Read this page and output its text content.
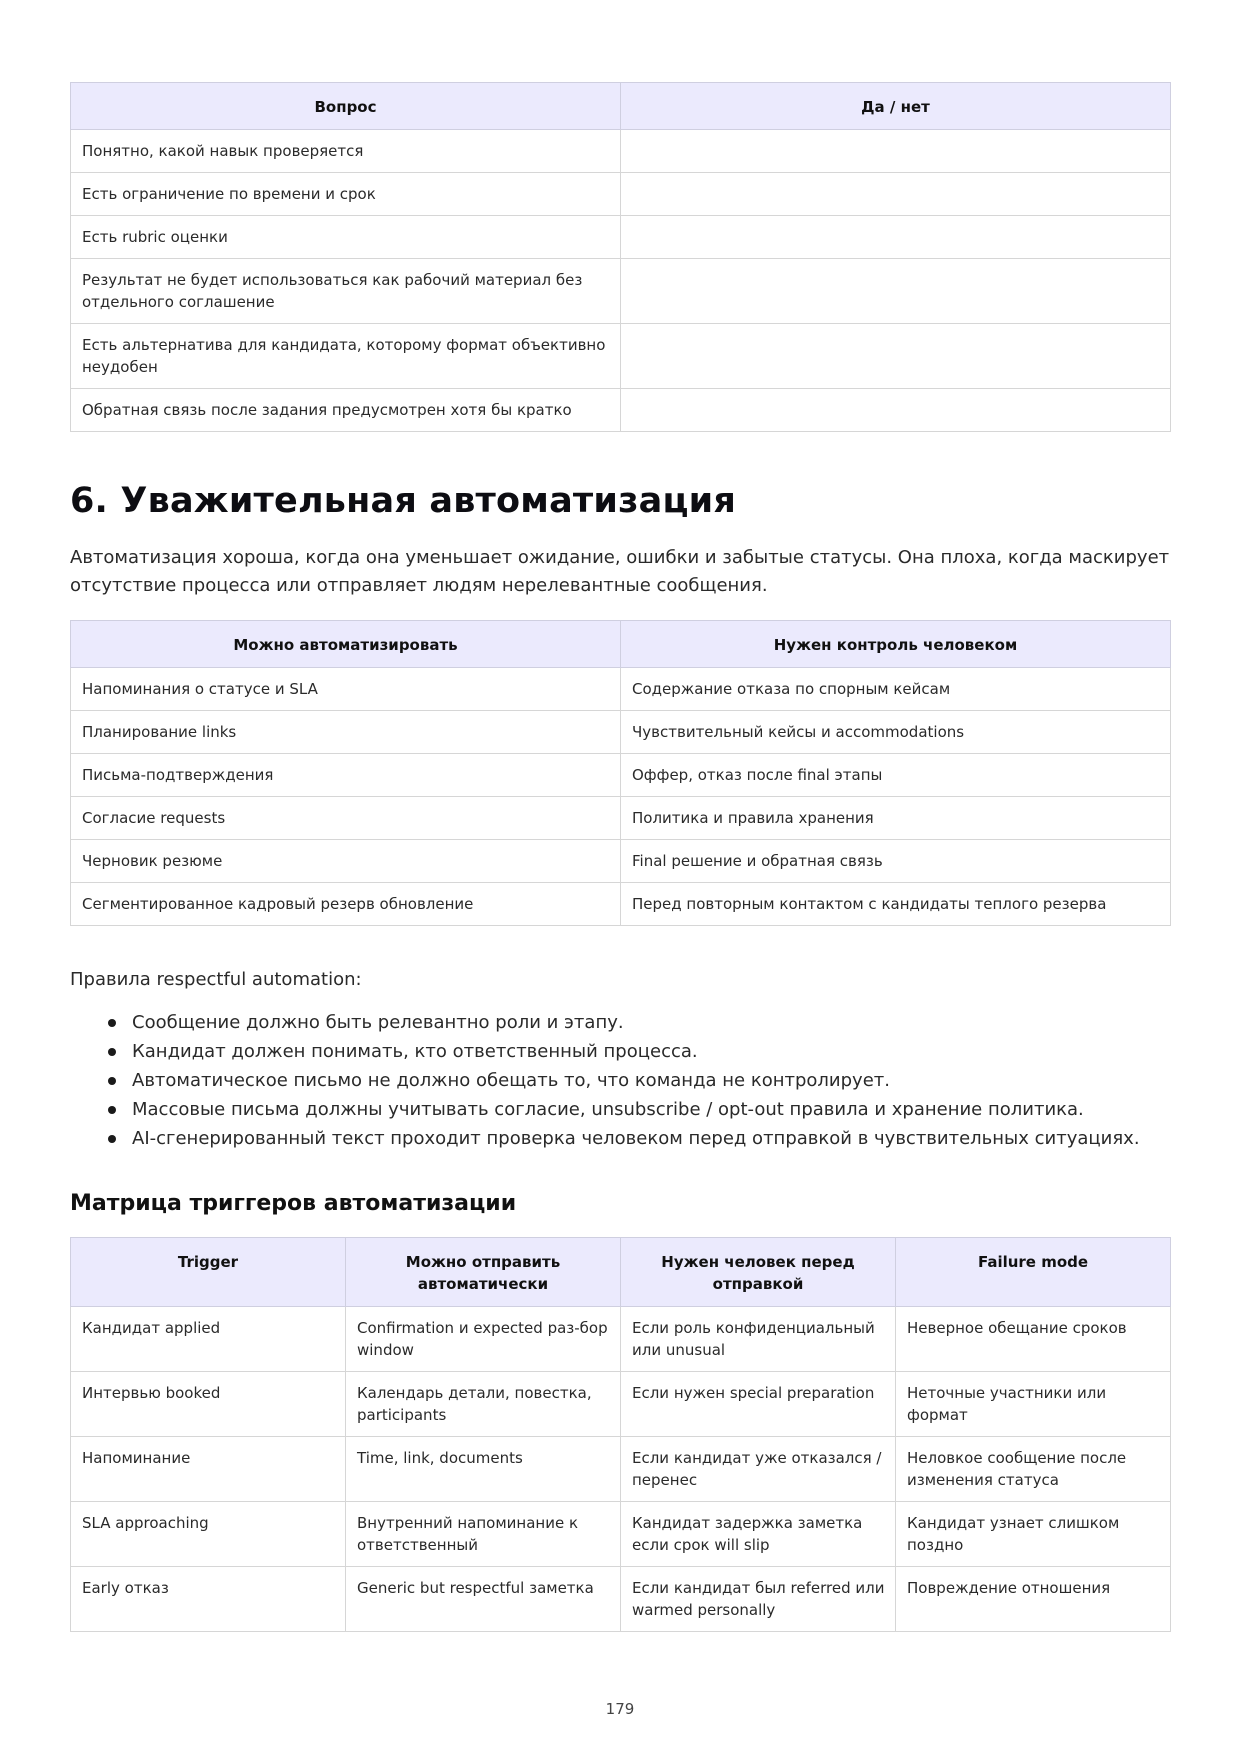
Вопрос	Да / нет
Понятно, какой навык проверяется	
Есть ограничение по времени и срок	
Есть rubric оценки	
Результат не будет использоваться как рабочий материал без отдельного соглашение	
Есть альтернатива для кандидата, которому формат объективно неудобен	
Обратная связь после задания предусмотрен хотя бы кратко	
6. Уважительная автоматизация

Автоматизация хороша, когда она уменьшает ожидание, ошибки и забытые статусы. Она плоха, когда маскирует отсутствие процесса или отправляет людям нерелевантные сообщения.

Можно автоматизировать	Нужен контроль человеком
Напоминания о статусе и SLA	Содержание отказа по спорным кейсам
Планирование links	Чувствительный кейсы и accommodations
Письма-подтверждения	Оффер, отказ после final этапы
Согласие requests	Политика и правила хранения
Черновик резюме	Final решение и обратная связь
Сегментированное кадровый резерв обновление	Перед повторным контактом с кандидаты теплого резерва

Правила respectful automation:

Сообщение должно быть релевантно роли и этапу.
Кандидат должен понимать, кто ответственный процесса.
Автоматическое письмо не должно обещать то, что команда не контролирует.
Массовые письма должны учитывать согласие, unsubscribe / opt-out правила и хранение политика.
AI-сгенерированный текст проходит проверка человеком перед отправкой в чувствительных ситуациях.
Матрица триггеров автоматизации
Trigger	Можно отправить автоматически	Нужен человек перед отправкой	Failure mode
Кандидат applied	Confirmation и expected раз-бор window	Если роль конфиденциальный или unusual	Неверное обещание сроков
Интервью booked	Календарь детали, повестка, participants	Если нужен special preparation	Неточные участники или формат
Напоминание	Time, link, documents	Если кандидат уже отказался / перенес	Неловкое сообщение после изменения статуса
SLA approaching	Внутренний напоминание к ответственный	Кандидат задержка заметка если срок will slip	Кандидат узнает слишком поздно
Early отказ	Generic but respectful заметка	Если кандидат был referred или warmed personally	Повреждение отношения
179
